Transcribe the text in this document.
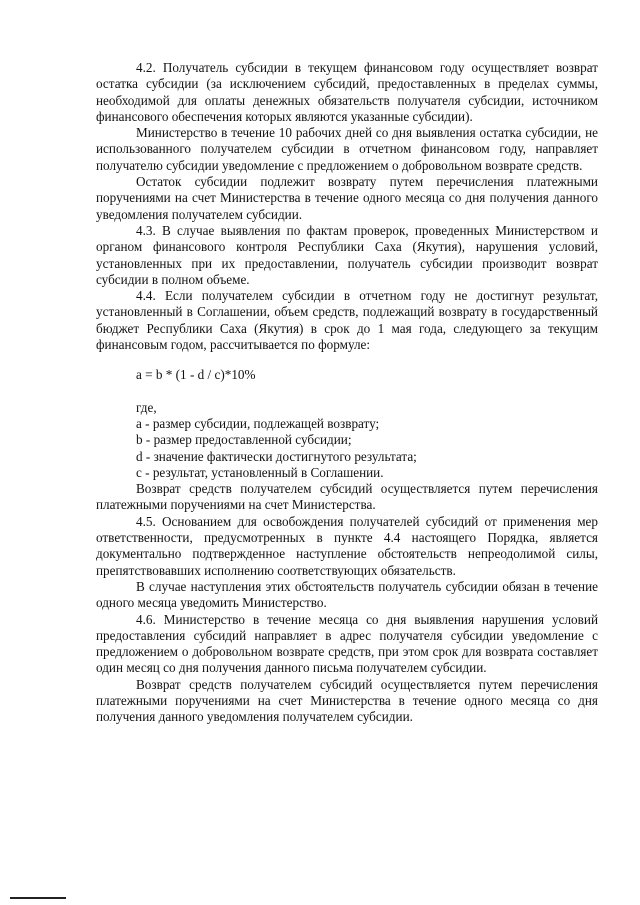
4.2. Получатель субсидии в текущем финансовом году осуществляет возврат остатка субсидии (за исключением субсидий, предоставленных в пределах суммы, необходимой для оплаты денежных обязательств получателя субсидии, источником финансового обеспечения которых являются указанные субсидии).

Министерство в течение 10 рабочих дней со дня выявления остатка субсидии, не использованного получателем субсидии в отчетном финансовом году, направляет получателю субсидии уведомление с предложением о добровольном возврате средств.

Остаток субсидии подлежит возврату путем перечисления платежными поручениями на счет Министерства в течение одного месяца со дня получения данного уведомления получателем субсидии.

4.3. В случае выявления по фактам проверок, проведенных Министерством и органом финансового контроля Республики Саха (Якутия), нарушения условий, установленных при их предоставлении, получатель субсидии производит возврат субсидии в полном объеме.

4.4. Если получателем субсидии в отчетном году не достигнут результат, установленный в Соглашении, объем средств, подлежащий возврату в государственный бюджет Республики Саха (Якутия) в срок до 1 мая года, следующего за текущим финансовым годом, рассчитывается по формуле:

a = b * (1 - d / c)*10%

где,

a - размер субсидии, подлежащей возврату;

b - размер предоставленной субсидии;

d - значение фактически достигнутого результата;

c - результат, установленный в Соглашении.

Возврат средств получателем субсидий осуществляется путем перечисления платежными поручениями на счет Министерства.

4.5. Основанием для освобождения получателей субсидий от применения мер ответственности, предусмотренных в пункте 4.4 настоящего Порядка, является документально подтвержденное наступление обстоятельств непреодолимой силы, препятствовавших исполнению соответствующих обязательств.

В случае наступления этих обстоятельств получатель субсидии обязан в течение одного месяца уведомить Министерство.

4.6. Министерство в течение месяца со дня выявления нарушения условий предоставления субсидий направляет в адрес получателя субсидии уведомление с предложением о добровольном возврате средств, при этом срок для возврата составляет один месяц со дня получения данного письма получателем субсидии.

Возврат средств получателем субсидий осуществляется путем перечисления платежными поручениями на счет Министерства в течение одного месяца со дня получения данного уведомления получателем субсидии.
